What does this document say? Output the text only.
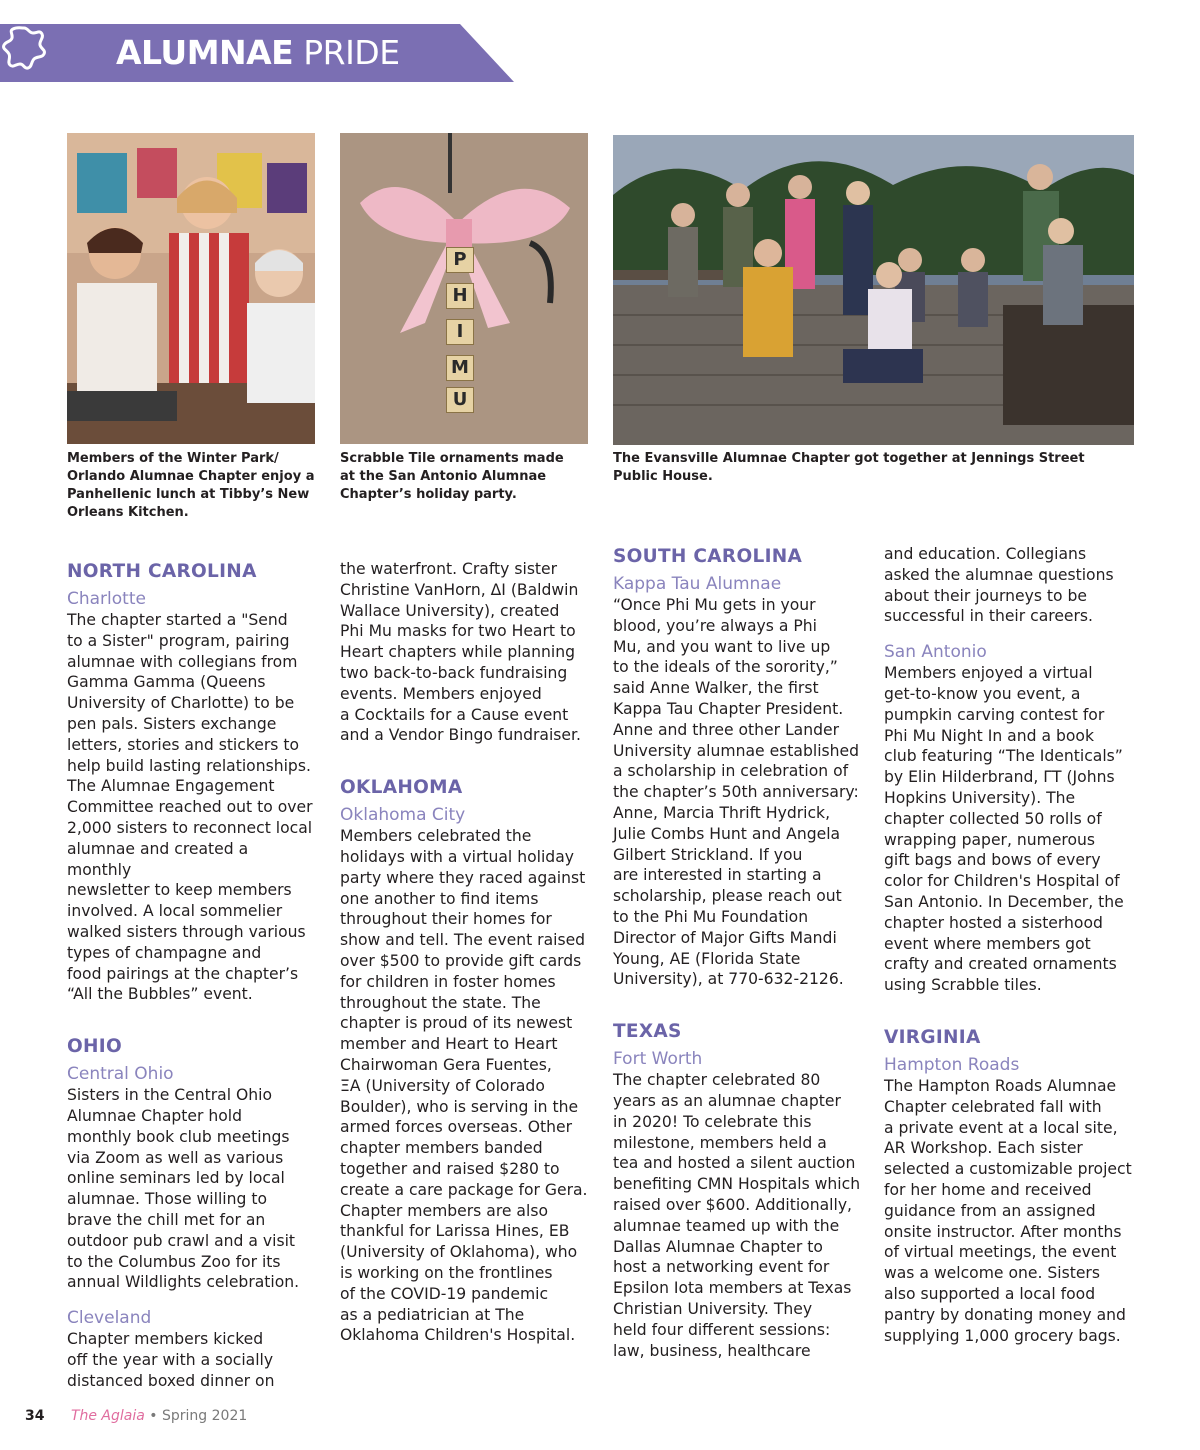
ALUMNAE PRIDE
Members of the Winter Park/ Orlando Alumnae Chapter enjoy a Panhellenic lunch at Tibby’s New Orleans Kitchen.
P
H
I
M
U
Scrabble Tile ornaments made at the San Antonio Alumnae Chapter’s holiday party.
The Evansville Alumnae Chapter got together at Jennings Street Public House.
NORTH CAROLINA
Charlotte
The chapter started a "Send
to a Sister" program, pairing
alumnae with collegians from
Gamma Gamma (Queens
University of Charlotte) to be
pen pals. Sisters exchange
letters, stories and stickers to
help build lasting relationships.
The Alumnae Engagement
Committee reached out to over
2,000 sisters to reconnect local
alumnae and created a monthly
newsletter to keep members
involved. A local sommelier
walked sisters through various
types of champagne and
food pairings at the chapter’s
“All the Bubbles” event.
OHIO
Central Ohio
Sisters in the Central Ohio
Alumnae Chapter hold
monthly book club meetings
via Zoom as well as various
online seminars led by local
alumnae. Those willing to
brave the chill met for an
outdoor pub crawl and a visit
to the Columbus Zoo for its
annual Wildlights celebration.
Cleveland
Chapter members kicked
off the year with a socially
distanced boxed dinner on
the waterfront. Crafty sister
Christine VanHorn, ΔI (Baldwin
Wallace University), created
Phi Mu masks for two Heart to
Heart chapters while planning
two back-to-back fundraising
events. Members enjoyed
a Cocktails for a Cause event
and a Vendor Bingo fundraiser.
OKLAHOMA
Oklahoma City
Members celebrated the
holidays with a virtual holiday
party where they raced against
one another to find items
throughout their homes for
show and tell. The event raised
over $500 to provide gift cards
for children in foster homes
throughout the state. The
chapter is proud of its newest
member and Heart to Heart
Chairwoman Gera Fuentes,
ΞA (University of Colorado
Boulder), who is serving in the
armed forces overseas. Other
chapter members banded
together and raised $280 to
create a care package for Gera.
Chapter members are also
thankful for Larissa Hines, EB
(University of Oklahoma), who
is working on the frontlines
of the COVID-19 pandemic
as a pediatrician at The
Oklahoma Children's Hospital.
SOUTH CAROLINA
Kappa Tau Alumnae
“Once Phi Mu gets in your
blood, you’re always a Phi
Mu, and you want to live up
to the ideals of the sorority,”
said Anne Walker, the first
Kappa Tau Chapter President.
Anne and three other Lander
University alumnae established
a scholarship in celebration of
the chapter’s 50th anniversary:
Anne, Marcia Thrift Hydrick,
Julie Combs Hunt and Angela
Gilbert Strickland. If you
are interested in starting a
scholarship, please reach out
to the Phi Mu Foundation
Director of Major Gifts Mandi
Young, AE (Florida State
University), at 770-632-2126.
TEXAS
Fort Worth
The chapter celebrated 80
years as an alumnae chapter
in 2020! To celebrate this
milestone, members held a
tea and hosted a silent auction
benefiting CMN Hospitals which
raised over $600. Additionally,
alumnae teamed up with the
Dallas Alumnae Chapter to
host a networking event for
Epsilon Iota members at Texas
Christian University. They
held four different sessions:
law, business, healthcare
and education. Collegians
asked the alumnae questions
about their journeys to be
successful in their careers.
San Antonio
Members enjoyed a virtual
get-to-know you event, a
pumpkin carving contest for
Phi Mu Night In and a book
club featuring “The Identicals”
by Elin Hilderbrand, ΓT (Johns
Hopkins University). The
chapter collected 50 rolls of
wrapping paper, numerous
gift bags and bows of every
color for Children's Hospital of
San Antonio. In December, the
chapter hosted a sisterhood
event where members got
crafty and created ornaments
using Scrabble tiles.
VIRGINIA
Hampton Roads
The Hampton Roads Alumnae
Chapter celebrated fall with
a private event at a local site,
AR Workshop. Each sister
selected a customizable project
for her home and received
guidance from an assigned
onsite instructor. After months
of virtual meetings, the event
was a welcome one. Sisters
also supported a local food
pantry by donating money and
supplying 1,000 grocery bags.
34 The Aglaia • Spring 2021
